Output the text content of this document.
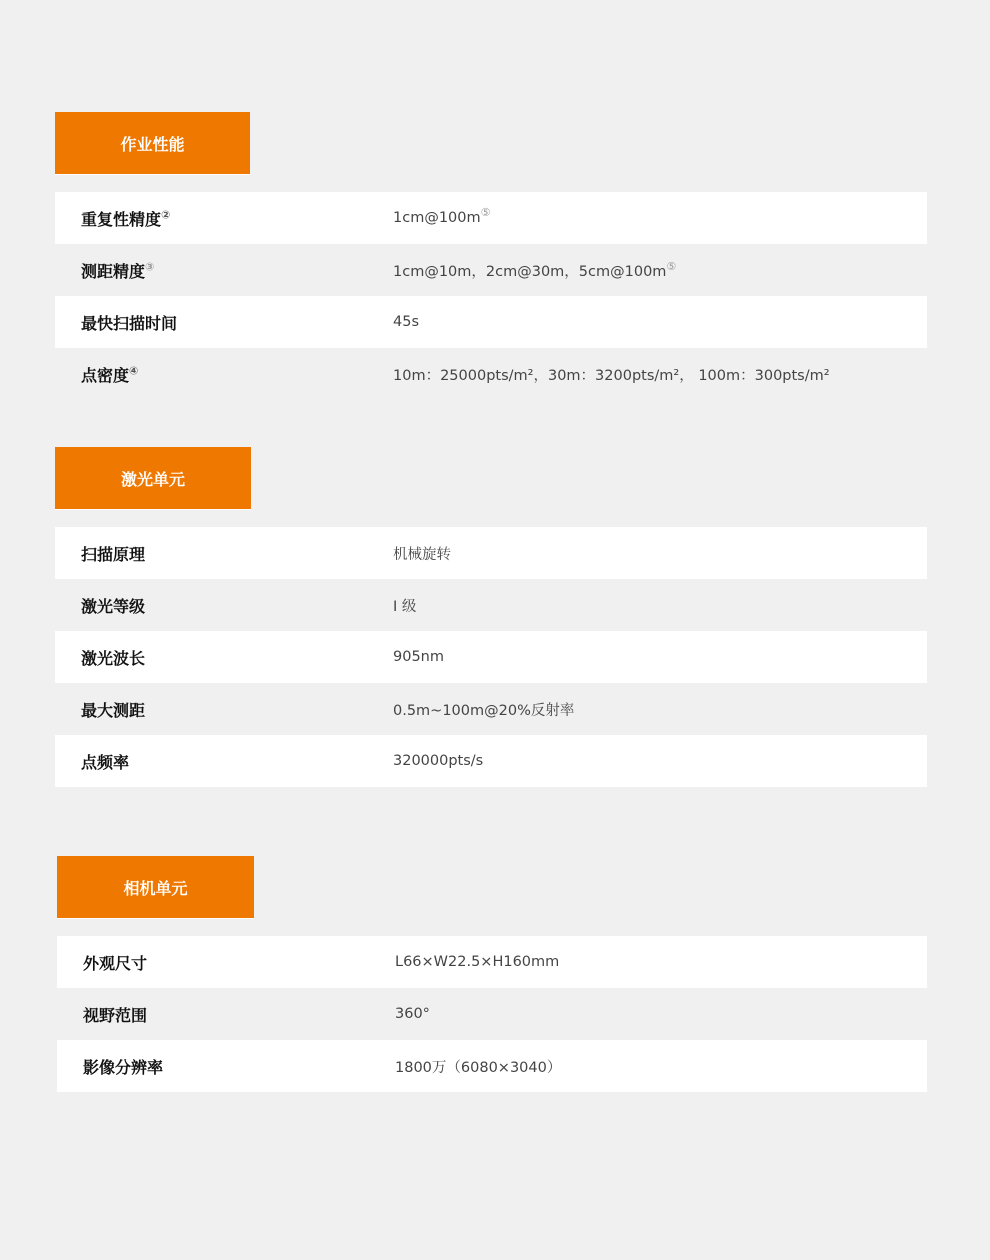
作业性能
重复性精度②	1cm@100m⑤
测距精度③	1cm@10m，2cm@30m，5cm@100m⑤
最快扫描时间	45s
点密度④	10m：25000pts/m²，30m：3200pts/m²， 100m：300pts/m²
激光单元
扫描原理	机械旋转
激光等级	I 级
激光波长	905nm
最大测距	0.5m~100m@20%反射率
点频率	320000pts/s
相机单元
外观尺寸	L66×W22.5×H160mm
视野范围	360°
影像分辨率	1800万（6080×3040）
